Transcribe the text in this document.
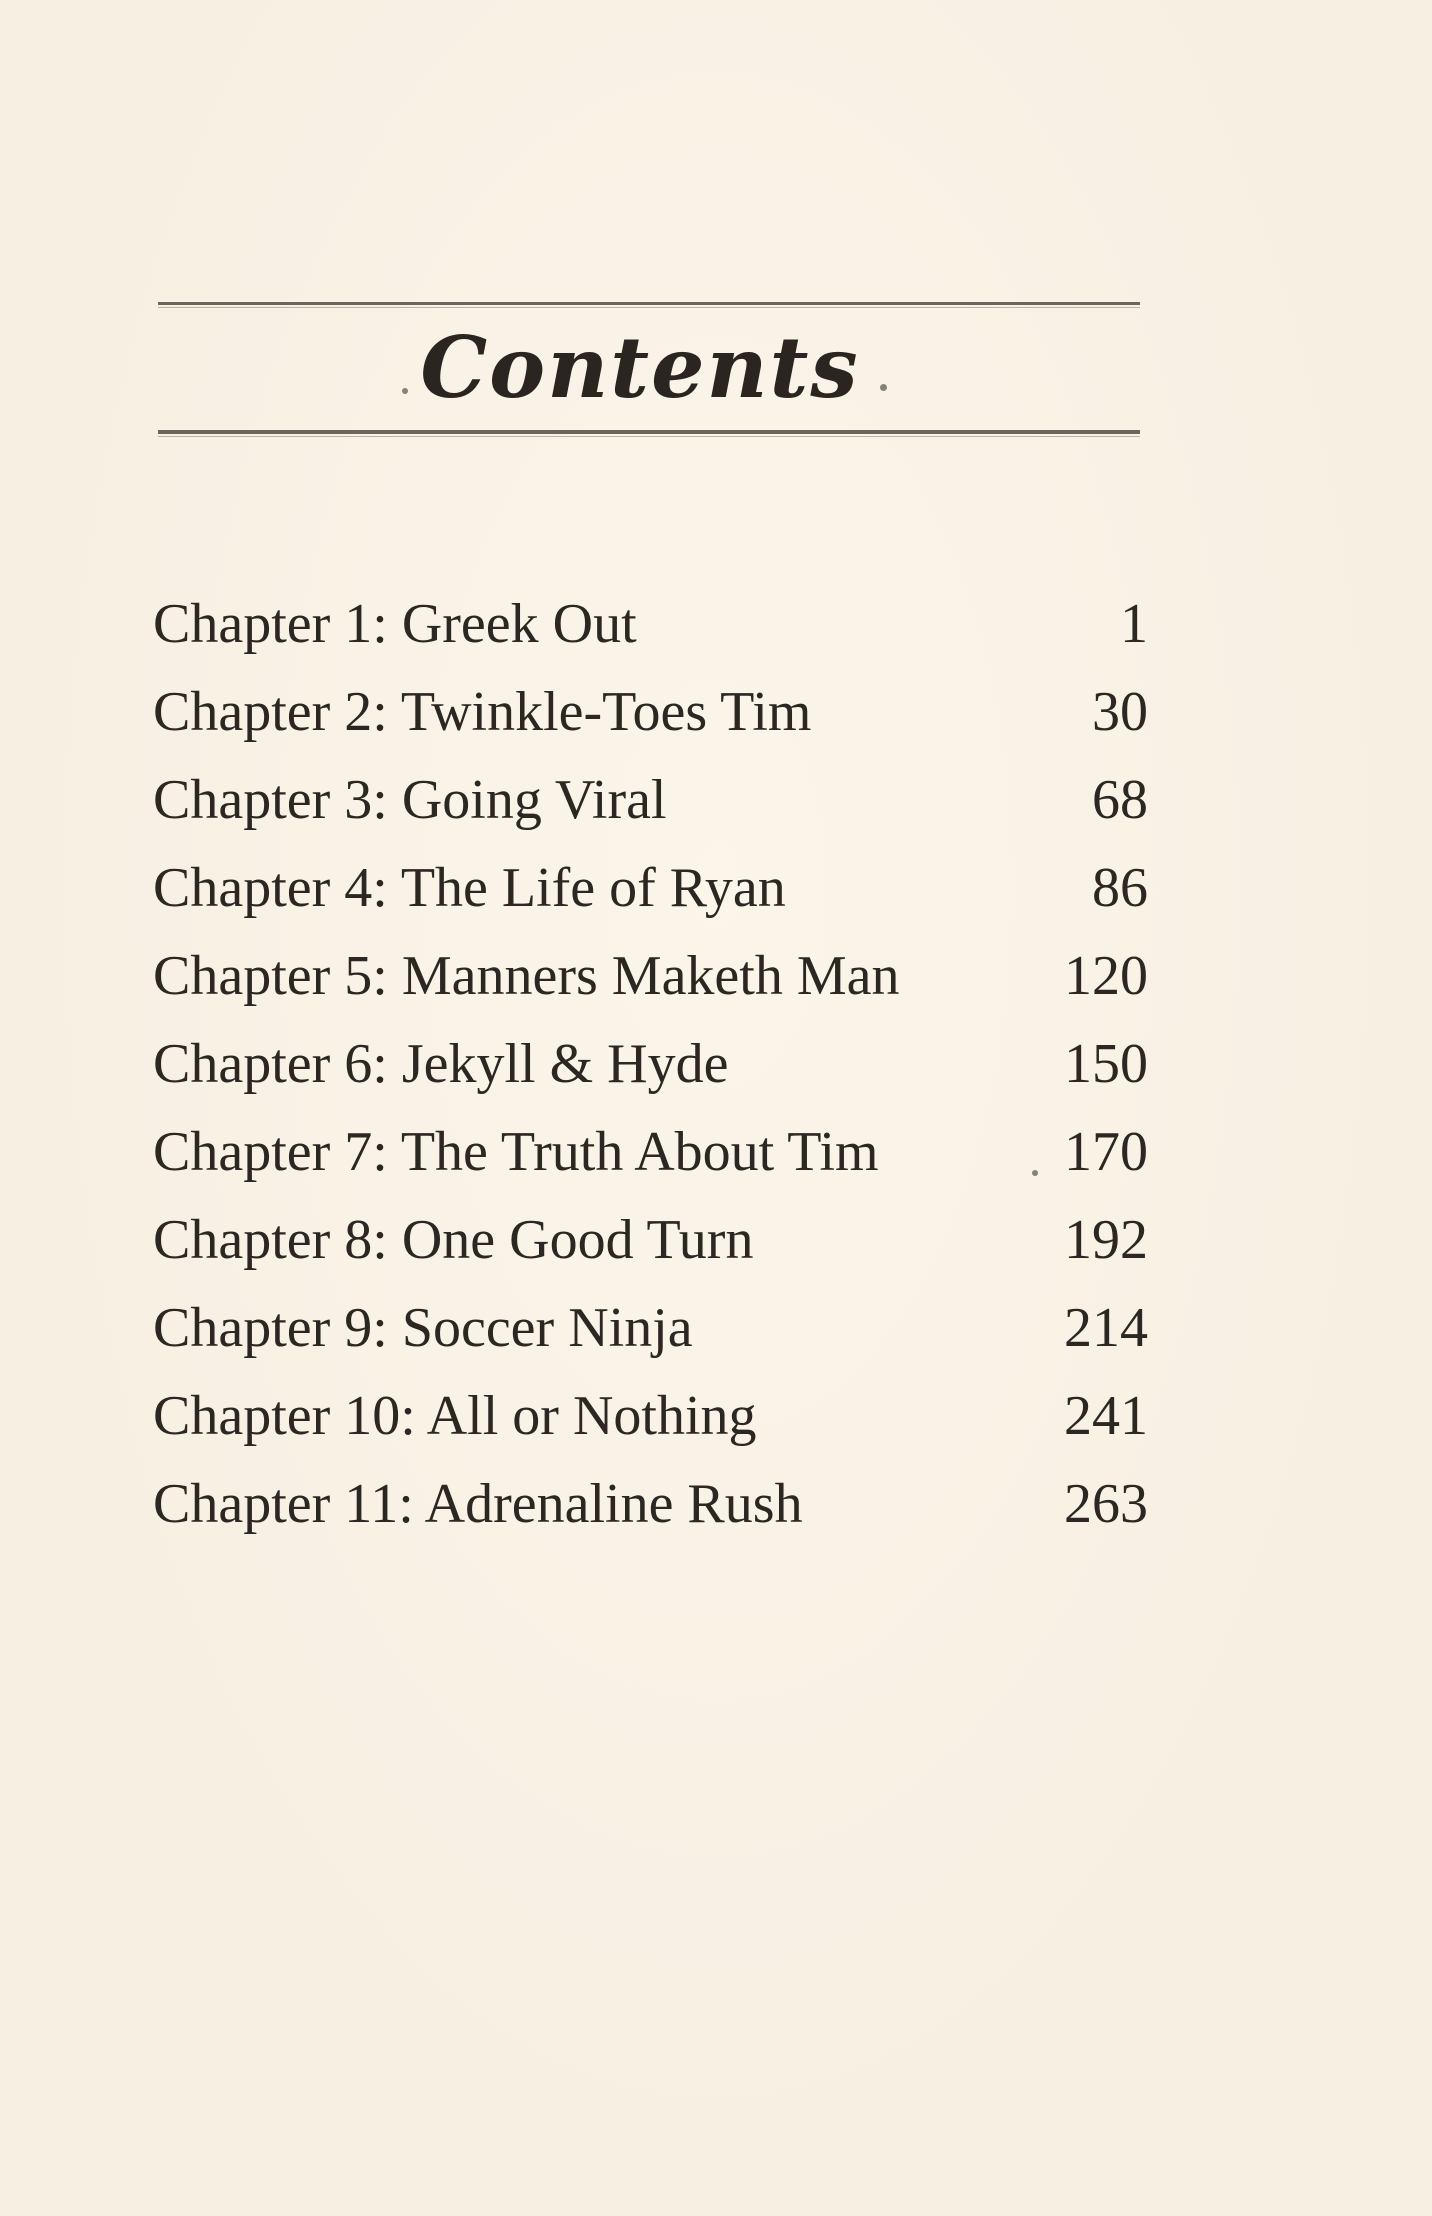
Contents
Chapter 1: Greek Out	1
Chapter 2: Twinkle-Toes Tim	30
Chapter 3: Going Viral	68
Chapter 4: The Life of Ryan	86
Chapter 5: Manners Maketh Man	120
Chapter 6: Jekyll & Hyde	150
Chapter 7: The Truth About Tim	170
Chapter 8: One Good Turn	192
Chapter 9: Soccer Ninja	214
Chapter 10: All or Nothing	241
Chapter 11: Adrenaline Rush	263
